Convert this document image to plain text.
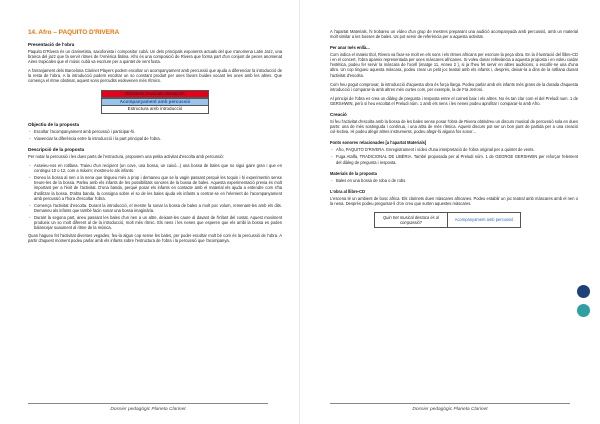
14. Afro – PAQUITO D'RIVERA
Presentació de l'obra

Paquito D'Rivera és un clarinetista, saxofonista i compositor cubà. Un dels principals exponents actuals del que s'anomena Latin Jazz, una branca del jazz que fa servir ritmes de l'Amèrica llatina. Afro és una composició de Rivera que forma part d'un conjunt de peces anomenat Aires tropicales que el músic cubà va escriure per a quintet de vent fusta.

A l'arranjament dels Barcelona Clarinet Players podem escoltar un acompanyament amb percussió que ajuda a diferenciar la introducció de la resta de l'obra. A la introducció podem escoltar un so constant produït per unes favors buides xocant les unes amb les altres. Que comença el ritme obstinat, aquest sons percudits esdevenen més rítmics.

Elements musicals destacats
Acompanyament amb percussió
Estructura amb introducció
Objectiu de la proposta
- Escoltar l'acompanyament amb percussió i participar-hi.
- Viavenciar la diferència entre la introducció i la part principal de l'obra.
Descripció de la proposta

Per notar la percussió i les dues parts de l'estructura, proposem una petita activitat d'escolta amb percussió:

- Asseieu-vos en rotllana. Traieu d'un recipient (un cove, una bossa, un caixó...) una bossa de bales que no sigui gaire gran i que en contingui 10 o 12, com a màxim; mostreu-lo als infants.
- Doneu la bossa al nen o la nena que tingueu més a prop i demaneu que se la vagin passant perquè les toquin i hi experimentin sense treure-les de la bossa. Parleu amb els infants de les possibilitats sonores de la bossa de bales. Aquesta experimentació previa és molt important per a l'èxit de l'activitat. D'una banda, perquè posar els infants en contacte amb el material els ajuda a entendre com s'ha d'utilitzar la bossa. D'altra banda, la consigna sobre el so de les bales ajuda els infants a centrar-se en l'element de l'acompanyament amb percussió a l'hora d'escoltar l'obra.
- Comença l'activitat d'escolta. Durant la introducció, el mestre fa sonar la bossa de bales a molt poc volum, remenant-les amb els dits. Demaneu als infants que també facin sonar una bossa imaginària.
- Durant la segona part, aneu passant les bales d'un nen a un altre, deixant-les caure al davant de l'infant del costat. Aquest moviment produeix un so molt diferent al de la introducció, molt més rítmic. Els nens i les nenes que esperen que els arribi la bossa es poden balancejar suaument al ritme de la música.

Quan hagueu fet l'activitat diverses vegades, feu-la algun cop sense les bales, per poder escoltar molt bé com és la percussió de l'obra. A partir d'aquest moment podeu parlar amb els infants sobre l'estructura de l'obra i la percussió que l'acompanya.

Dossier pedagògic Planeta Clarinet

A l'apartat Materials, hi trobareu un vídeo d'un grup de mestres preparant una audició acompanyada amb percussió, amb un material molt similar a les bosses de bales. Us pot servir de referència per a aquesta activitat.

Per anar més enllà...

Com indica el mateix títol, Rivera va fixar-se molt en els sons i els ritmes africans per escriure la peça obra. En la il·lustració del llibre-CD i en el concert, l'obra apareix representada per unes màscares africanes. Si voleu donar rellevància a aquesta proposta i en voleu cuidar l'estètica, podeu fer servir la màscara de l'ocell (imatge 11, Annex 2 ), si ja l'heu fet servir en altres audicions, o escollir-ne una d'una altra. Un cop tingueu aquesta màscara, podeu crear un petit joc teatral amb els infants i, després, deixar-la a dins de la rotllana durant l'activitat d'escolta.

Com heu pogut comprovar, la introducció d'aquesta obra és força llarga. Podeu parlar amb els infants més grans de la durada d'aquesta introducció i comparar-la amb altres més curtes com, per exemple, la de Fra Jerroni.

Al principi de l'obra es crea un diàleg de pregunta i resposta entre el corneti baix i els altres. No és tan clar com el del Preludi num. 1 de GERSHWIN, però si heu escoltat el Preludi núm. 1 amb els nens i les nenes podeu aprofitar i comparar-lo amb Afro.

Creació

Si feu l'activitat d'escolta amb la bossa de les bales sense posar l'obra de Rivera obtindreu un discurs musical de percussió sola en dues parts: una de més sostinguda i contínua, i una altra de més rítmica. Aquest discurs pot ser un bon punt de partida per a una creació col·lectiva. Hi podeu afegir altres instruments, podeu afegir-hi alguna fos sonor...

Fonts sonores relacionades [a l'apartat Materials]
- Afro, PAQUITO D'RIVERA. Enregistrament i vídeo d'una interpretació de l'obra original per a quintet de vents.
- Fuga Atalfa, TRADICIONAL DE LIBÈRIA. També proposada per al Preludi núm. 1 de GEORGE GERSHWIN per reforçar l'element del diàleg de pregunta i resposta.
Materials de la proposta
- Bales en una bossa de roba o de robs.
L'obra al llibre-CD

L'escena té un ambient de bosc africa. Els clarinets duen màscares africanes. Podeu establir un joc teatral amb màscares amb el nen o la nena. Després podeu preguntar-li d'on creu que surten aquestes màscares.

Quin tret musical destaca és al compassió?	Acompanyament amb percussió
Dossier pedagògic Planeta Clarinet
